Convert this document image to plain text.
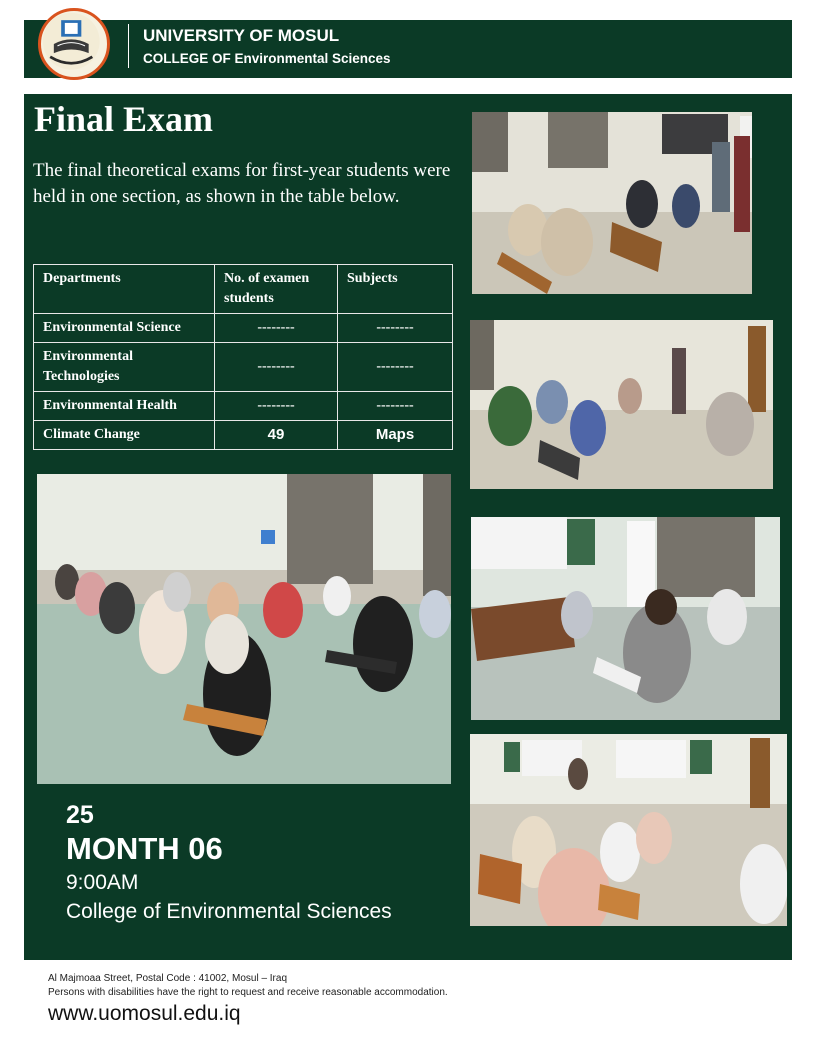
UNIVERSITY OF MOSUL
COLLEGE OF Environmental Sciences
Final Exam

The final theoretical exams for first-year students were held in one section, as shown in the table below.

Departments	No. of examen students	Subjects
Environmental Science	--------	--------
Environmental Technologies	--------	--------
Environmental Health	--------	--------
Climate Change	49	Maps
25
MONTH 06
9:00AM
College of Environmental Sciences
Al Majmoaa Street, Postal Code : 41002, Mosul – Iraq
Persons with disabilities have the right to request and receive reasonable accommodation.
www.uomosul.edu.iq
